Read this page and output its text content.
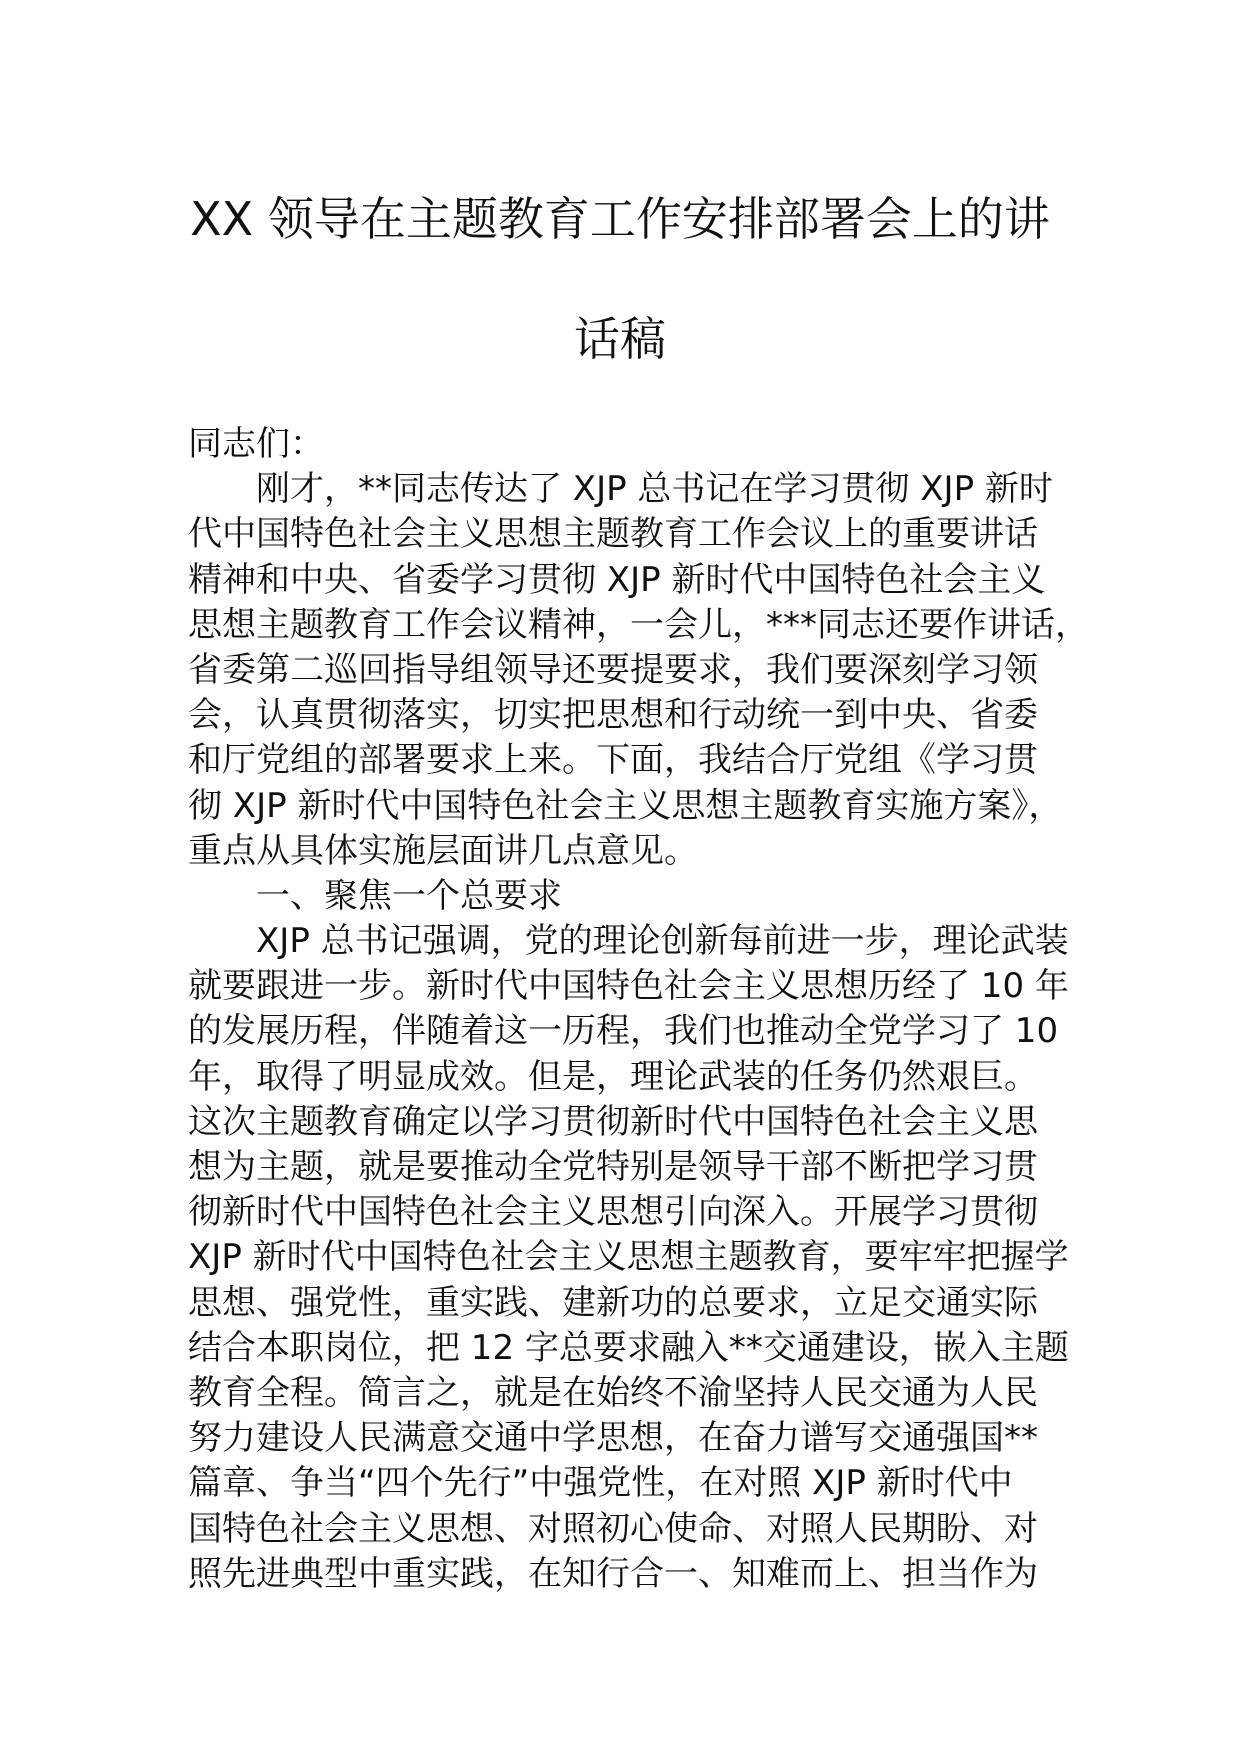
XX 领导在主题教育工作安排部署会上的讲
话稿
同志们：
刚才，**同志传达了 XJP 总书记在学习贯彻 XJP 新时
代中国特色社会主义思想主题教育工作会议上的重要讲话
精神和中央、省委学习贯彻 XJP 新时代中国特色社会主义
思想主题教育工作会议精神，一会儿，***同志还要作讲话，
省委第二巡回指导组领导还要提要求，我们要深刻学习领
会，认真贯彻落实，切实把思想和行动统一到中央、省委
和厅党组的部署要求上来。下面，我结合厅党组《学习贯
彻 XJP 新时代中国特色社会主义思想主题教育实施方案》，
重点从具体实施层面讲几点意见。
一、聚焦一个总要求
XJP 总书记强调，党的理论创新每前进一步，理论武装
就要跟进一步。新时代中国特色社会主义思想历经了 10 年
的发展历程，伴随着这一历程，我们也推动全党学习了 10
年，取得了明显成效。但是，理论武装的任务仍然艰巨。
这次主题教育确定以学习贯彻新时代中国特色社会主义思
想为主题，就是要推动全党特别是领导干部不断把学习贯
彻新时代中国特色社会主义思想引向深入。开展学习贯彻
XJP 新时代中国特色社会主义思想主题教育，要牢牢把握学
思想、强党性，重实践、建新功的总要求，立足交通实际
结合本职岗位，把 12 字总要求融入**交通建设，嵌入主题
教育全程。简言之，就是在始终不渝坚持人民交通为人民
努力建设人民满意交通中学思想，在奋力谱写交通强国**
篇章、争当“四个先行”中强党性，在对照 XJP 新时代中
国特色社会主义思想、对照初心使命、对照人民期盼、对
照先进典型中重实践，在知行合一、知难而上、担当作为
